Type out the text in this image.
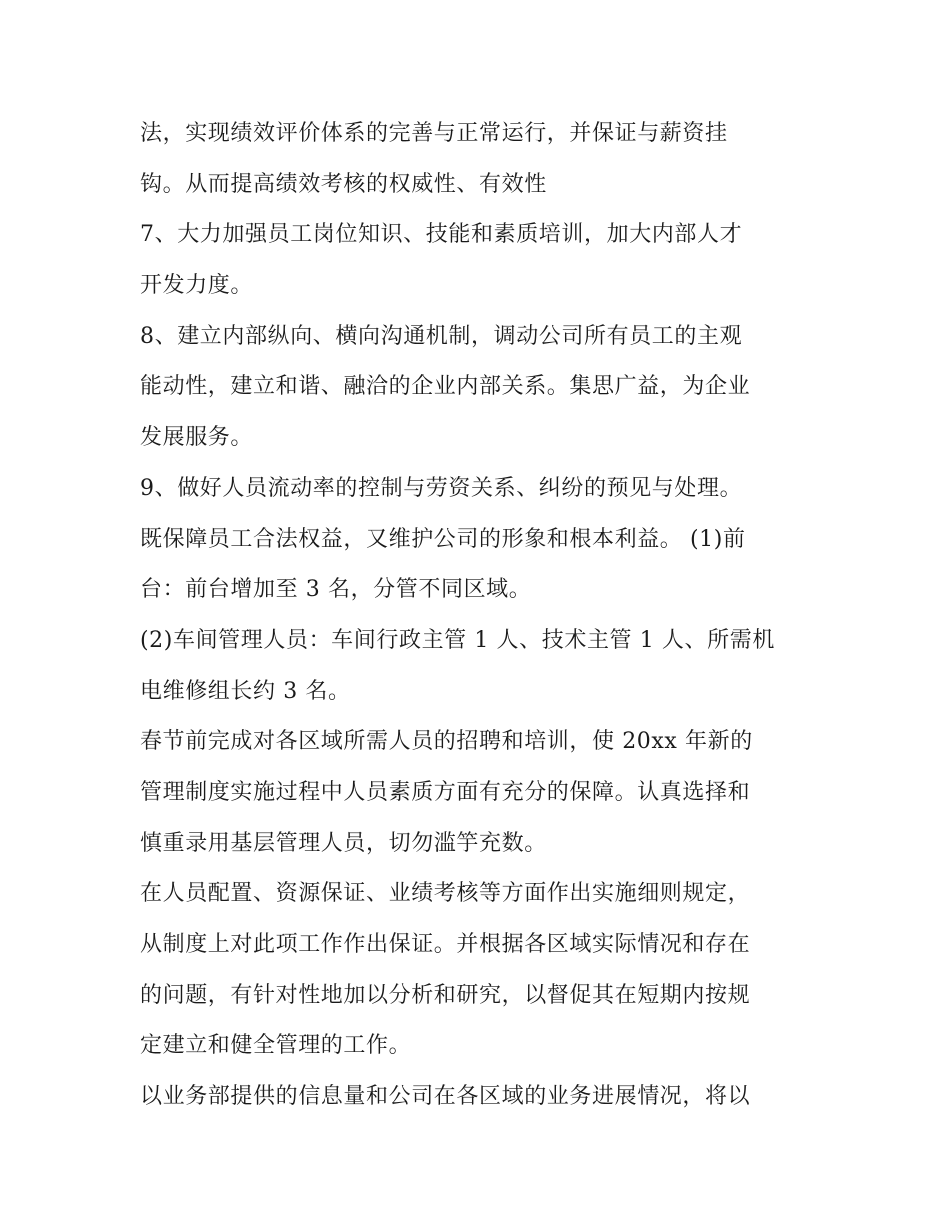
法，实现绩效评价体系的完善与正常运行，并保证与薪资挂
钩。从而提高绩效考核的权威性、有效性
7、大力加强员工岗位知识、技能和素质培训，加大内部人才
开发力度。
8、建立内部纵向、横向沟通机制，调动公司所有员工的主观
能动性，建立和谐、融洽的企业内部关系。集思广益，为企业
发展服务。
9、做好人员流动率的控制与劳资关系、纠纷的预见与处理。
既保障员工合法权益，又维护公司的形象和根本利益。 (1)前
台：前台增加至 3 名，分管不同区域。
(2)车间管理人员：车间行政主管 1 人、技术主管 1 人、所需机
电维修组长约 3 名。
春节前完成对各区域所需人员的招聘和培训，使 20xx 年新的
管理制度实施过程中人员素质方面有充分的保障。认真选择和
慎重录用基层管理人员，切勿滥竽充数。
在人员配置、资源保证、业绩考核等方面作出实施细则规定，
从制度上对此项工作作出保证。并根据各区域实际情况和存在
的问题，有针对性地加以分析和研究，以督促其在短期内按规
定建立和健全管理的工作。
以业务部提供的信息量和公司在各区域的业务进展情况，将以
